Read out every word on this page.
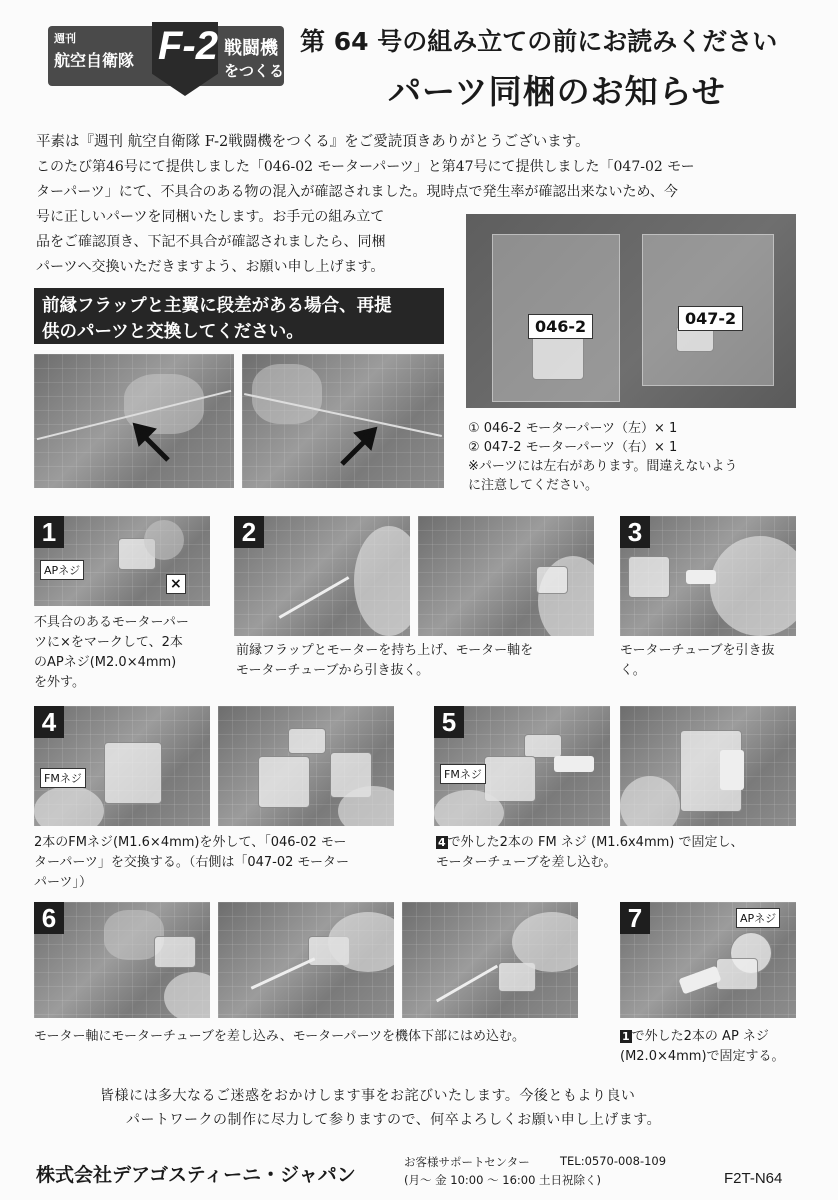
週刊
航空自衛隊 F-2 戦闘機
をつくる
第 64 号の組み立ての前にお読みください
パーツ同梱のお知らせ
平素は『週刊 航空自衛隊 F-2戦闘機をつくる』をご愛読頂きありがとうございます。
このたび第46号にて提供しました「046-02 モーターパーツ」と第47号にて提供しました「047-02 モー
ターパーツ」にて、不具合のある物の混入が確認されました。現時点で発生率が確認出来ないため、今
号に正しいパーツを同梱いたします。お手元の組み立て
品をご確認頂き、下記不具合が確認されましたら、同梱
パーツへ交換いただきますよう、お願い申し上げます。
前縁フラップと主翼に段差がある場合、再提
供のパーツと交換してください。	046-2	047-2
① 046-2 モーターパーツ（左）× 1
② 047-2 モーターパーツ（右）× 1
※パーツには左右があります。間違えないよう
に注意してください。
1
APネジ
×
不具合のあるモーターパー
ツに×をマークして、2本
のAPネジ(M2.0×4mm)
を外す。
2
前縁フラップとモーターを持ち上げ、モーター軸を
モーターチューブから引き抜く。
3
モーターチューブを引き抜
く。
4
FMネジ
2本のFMネジ(M1.6×4mm)を外して、「046-02 モー
ターパーツ」を交換する。（右側は「047-02 モーター
パーツ」）
5
FMネジ
4 で外した2本の FM ネジ (M1.6x4mm) で固定し、
モーターチューブを差し込む。
6
モーター軸にモーターチューブを差し込み、モーターパーツを機体下部にはめ込む。
7	APネジ
1 で外した2本の AP ネジ
(M2.0×4mm)で固定する。
皆様には多大なるご迷惑をおかけします事をお詫びいたします。今後ともより良い
パートワークの制作に尽力して参りますので、何卒よろしくお願い申し上げます。
株式会社デアゴスティーニ・ジャパン
お客様サポートセンター	TEL:0570-008-109
(月～ 金 10:00 ～ 16:00 土日祝除く)	F2T-N64
